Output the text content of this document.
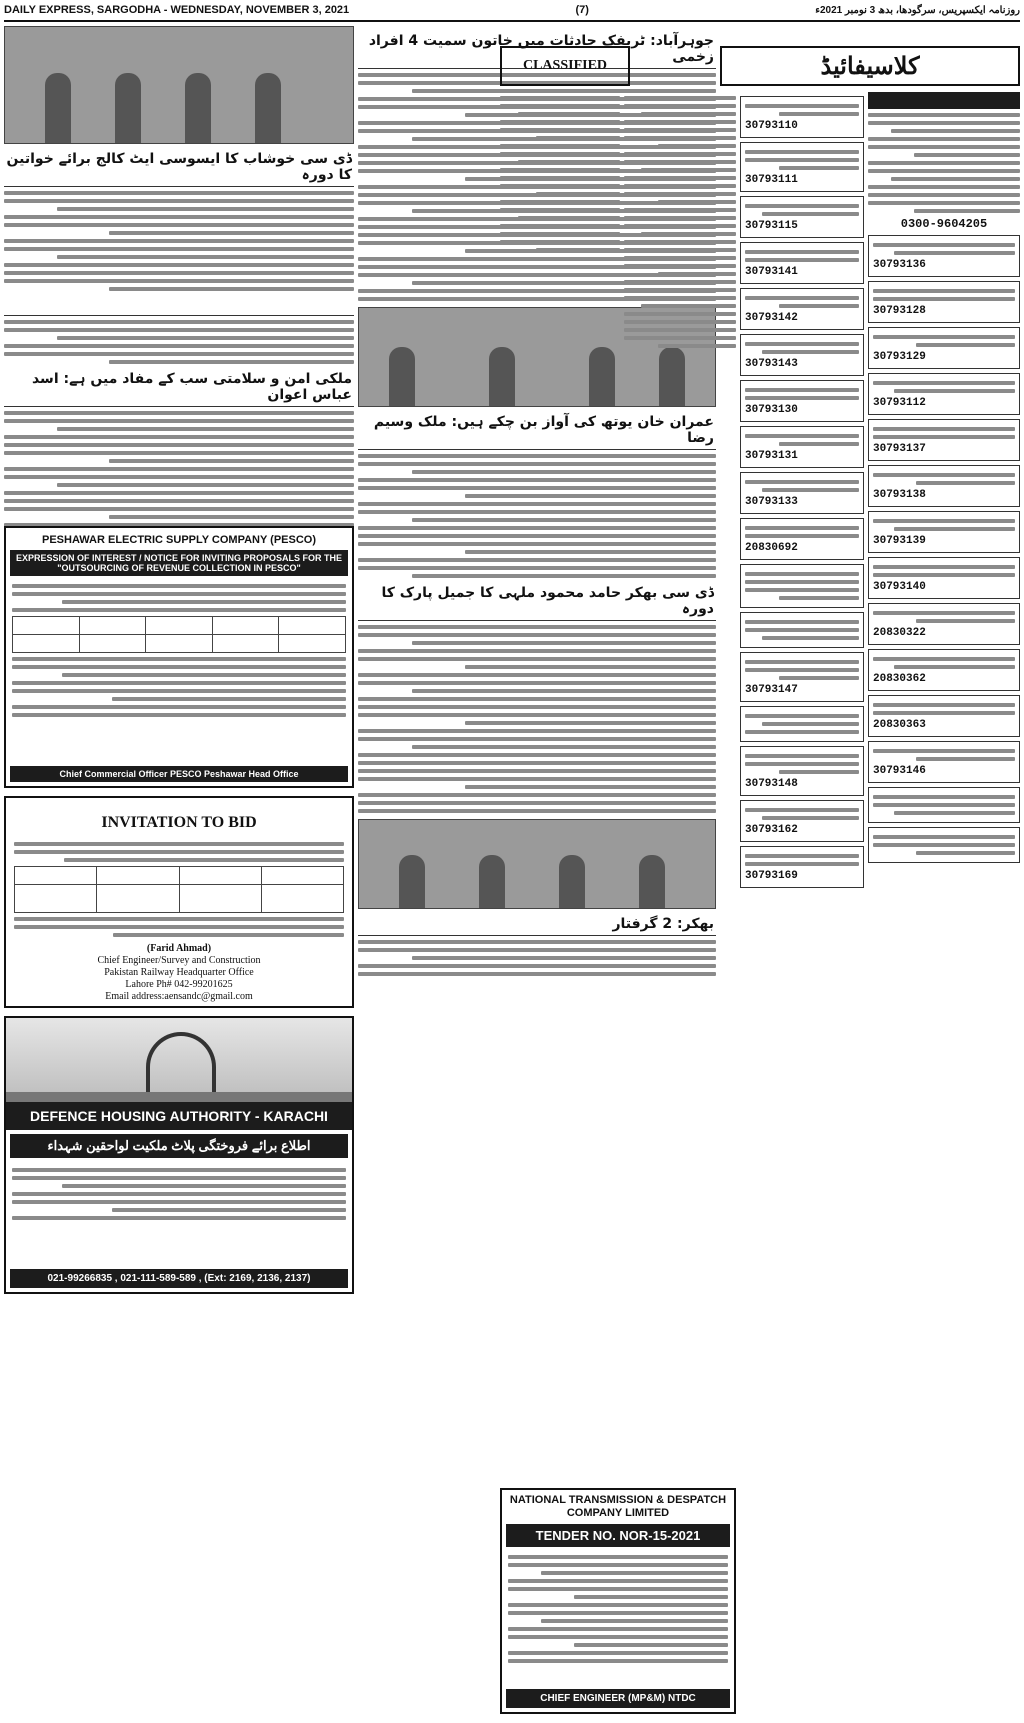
DAILY EXPRESS, SARGODHA - WEDNESDAY, NOVEMBER 3, 2021	(7)	روزنامہ ایکسپریس، سرگودھا، بدھ 3 نومبر 2021ء
ڈی سی خوشاب کا ایسوسی ایٹ کالج برائے خواتین کا دورہ

ملکی امن و سلامتی سب کے مفاد میں ہے: اسد عباس اعوان
جوہرآباد: ٹریفک حادثات میں خاتون سمیت 4 افراد زخمی
عمران خان یوتھ کی آواز بن چکے ہیں: ملک وسیم رضا
ڈی سی بھکر حامد محمود ملہی کا جمیل پارک کا دورہ
بھکر: 2 گرفتار
PESHAWAR ELECTRIC SUPPLY COMPANY (PESCO)
EXPRESSION OF INTEREST / NOTICE FOR INVITING PROPOSALS FOR THE "OUTSOURCING OF REVENUE COLLECTION IN PESCO"

Chief Commercial Officer PESCO Peshawar Head Office
INVITATION TO BID

(Farid Ahmad)
Chief Engineer/Survey and Construction
Pakistan Railway Headquarter Office
Lahore Ph# 042-99201625
Email address:aensandc@gmail.com
DEFENCE HOUSING AUTHORITY - KARACHI
اطلاع برائے فروختگی پلاٹ ملکیت لواحقین شہداء
021-99266835 , 021-111-589-589 , (Ext: 2169, 2136, 2137)
CLASSIFIED	کلاسیفائیڈ
30793110
30793111
30793115
30793141
30793142
30793143
30793130
30793131
30793133
20830692
30793147
30793148
30793162
30793169

0300-9604205
30793136
30793128
30793129
30793112
30793137
30793138
30793139
30793140
20830322
20830362
20830363
30793146
NATIONAL TRANSMISSION & DESPATCH COMPANY LIMITED
TENDER NO. NOR-15-2021
CHIEF ENGINEER (MP&M) NTDC
